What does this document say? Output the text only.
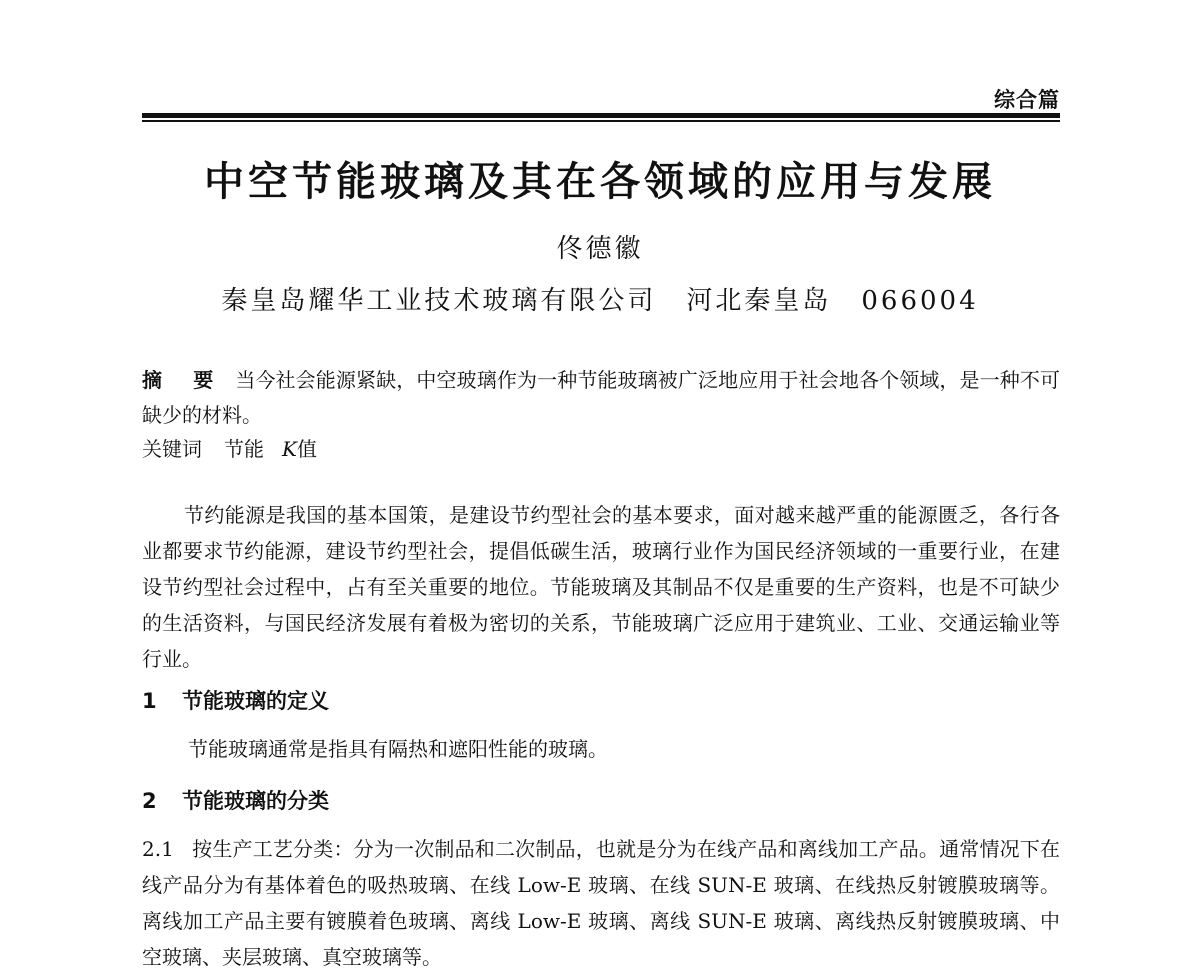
综合篇
中空节能玻璃及其在各领域的应用与发展
佟德徽
秦皇岛耀华工业技术玻璃有限公司 河北秦皇岛 066004
摘 要 当今社会能源紧缺，中空玻璃作为一种节能玻璃被广泛地应用于社会地各个领域，是一种不可缺少的材料。
关键词 节能 K值
节约能源是我国的基本国策，是建设节约型社会的基本要求，面对越来越严重的能源匮乏，各行各业都要求节约能源，建设节约型社会，提倡低碳生活，玻璃行业作为国民经济领域的一重要行业，在建设节约型社会过程中，占有至关重要的地位。节能玻璃及其制品不仅是重要的生产资料，也是不可缺少的生活资料，与国民经济发展有着极为密切的关系，节能玻璃广泛应用于建筑业、工业、交通运输业等行业。
1 节能玻璃的定义
节能玻璃通常是指具有隔热和遮阳性能的玻璃。
2 节能玻璃的分类
2.1 按生产工艺分类：分为一次制品和二次制品，也就是分为在线产品和离线加工产品。通常情况下在线产品分为有基体着色的吸热玻璃、在线 Low-E 玻璃、在线 SUN-E 玻璃、在线热反射镀膜玻璃等。离线加工产品主要有镀膜着色玻璃、离线 Low-E 玻璃、离线 SUN-E 玻璃、离线热反射镀膜玻璃、中空玻璃、夹层玻璃、真空玻璃等。
